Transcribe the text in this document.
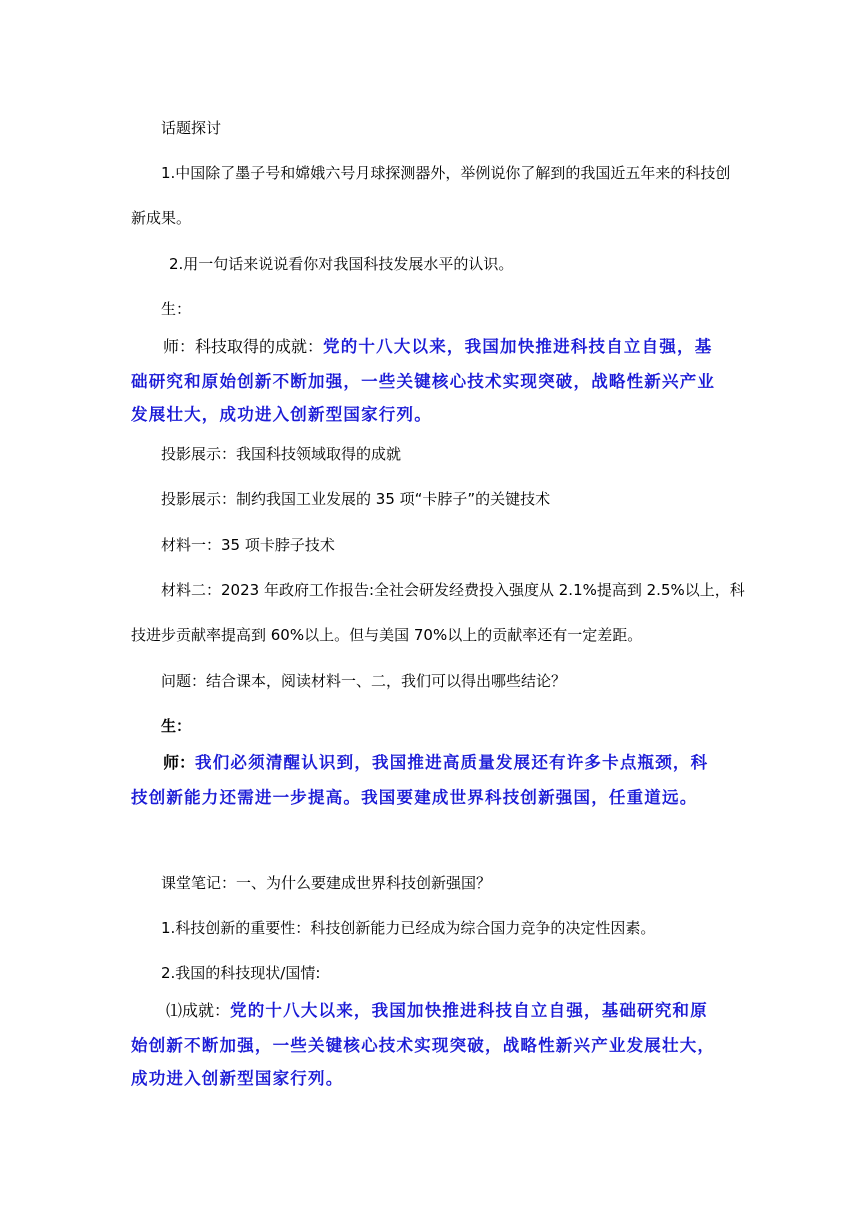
话题探讨
1.中国除了墨子号和嫦娥六号月球探测器外，举例说你了解到的我国近五年来的科技创
新成果。
2.用一句话来说说看你对我国科技发展水平的认识。
生：
师：科技取得的成就：党的十八大以来，我国加快推进科技自立自强，基
础研究和原始创新不断加强，一些关键核心技术实现突破，战略性新兴产业
发展壮大，成功进入创新型国家行列。
投影展示：我国科技领域取得的成就
投影展示：制约我国工业发展的 35 项“卡脖子”的关键技术
材料一：35 项卡脖子技术
材料二：2023 年政府工作报告:全社会研发经费投入强度从 2.1%提高到 2.5%以上，科
技进步贡献率提高到 60%以上。但与美国 70%以上的贡献率还有一定差距。
问题：结合课本，阅读材料一、二，我们可以得出哪些结论？
生：
师：我们必须清醒认识到，我国推进高质量发展还有许多卡点瓶颈，科
技创新能力还需进一步提高。我国要建成世界科技创新强国，任重道远。
课堂笔记：一、为什么要建成世界科技创新强国？
1.科技创新的重要性：科技创新能力已经成为综合国力竞争的决定性因素。
2.我国的科技现状/国情:
⑴成就：党的十八大以来，我国加快推进科技自立自强，基础研究和原
始创新不断加强，一些关键核心技术实现突破，战略性新兴产业发展壮大，
成功进入创新型国家行列。
